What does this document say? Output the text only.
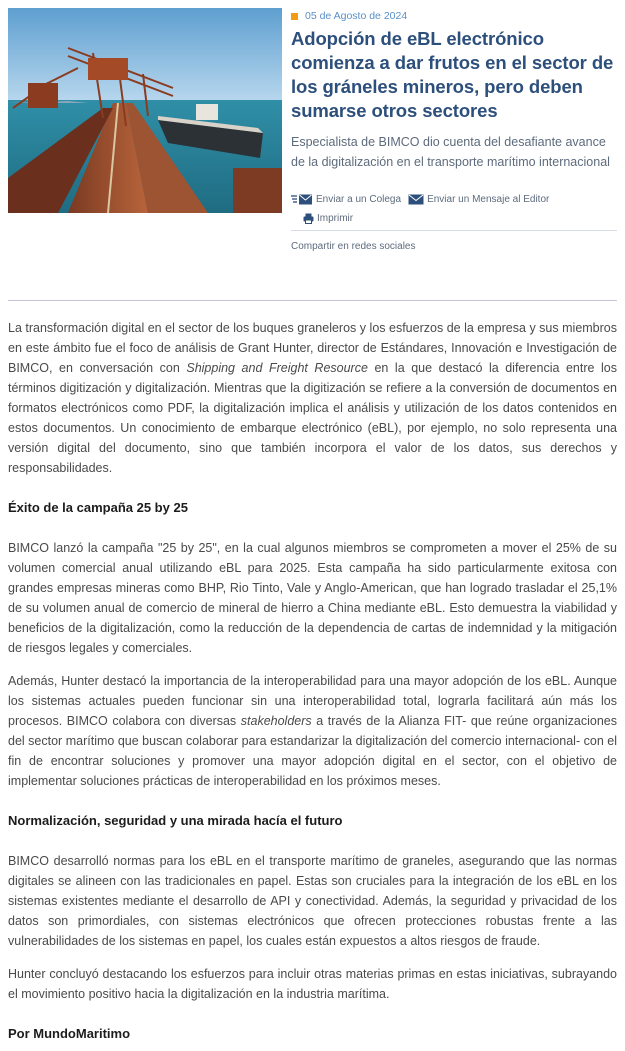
05 de Agosto de 2024
Adopción de eBL electrónico comienza a dar frutos en el sector de los gráneles mineros, pero deben sumarse otros sectores
Especialista de BIMCO dio cuenta del desafiante avance de la digitalización en el transporte marítimo internacional
Enviar a un Colega	Enviar un Mensaje al Editor
Imprimir
Compartir en redes sociales

La transformación digital en el sector de los buques graneleros y los esfuerzos de la empresa y sus miembros en este ámbito fue el foco de análisis de Grant Hunter, director de Estándares, Innovación e Investigación de BIMCO, en conversación con Shipping and Freight Resource en la que destacó la diferencia entre los términos digitización y digitalización. Mientras que la digitización se refiere a la conversión de documentos en formatos electrónicos como PDF, la digitalización implica el análisis y utilización de los datos contenidos en estos documentos. Un conocimiento de embarque electrónico (eBL), por ejemplo, no solo representa una versión digital del documento, sino que también incorpora el valor de los datos, sus derechos y responsabilidades.

Éxito de la campaña 25 by 25

BIMCO lanzó la campaña "25 by 25", en la cual algunos miembros se comprometen a mover el 25% de su volumen comercial anual utilizando eBL para 2025. Esta campaña ha sido particularmente exitosa con grandes empresas mineras como BHP, Rio Tinto, Vale y Anglo-American, que han logrado trasladar el 25,1% de su volumen anual de comercio de mineral de hierro a China mediante eBL. Esto demuestra la viabilidad y beneficios de la digitalización, como la reducción de la dependencia de cartas de indemnidad y la mitigación de riesgos legales y comerciales.

Además, Hunter destacó la importancia de la interoperabilidad para una mayor adopción de los eBL. Aunque los sistemas actuales pueden funcionar sin una interoperabilidad total, lograrla facilitará aún más los procesos. BIMCO colabora con diversas stakeholders a través de la Alianza FIT- que reúne organizaciones del sector marítimo que buscan colaborar para estandarizar la digitalización del comercio internacional- con el fin de encontrar soluciones y promover una mayor adopción digital en el sector, con el objetivo de implementar soluciones prácticas de interoperabilidad en los próximos meses.

Normalización, seguridad y una mirada hacía el futuro

BIMCO desarrolló normas para los eBL en el transporte marítimo de graneles, asegurando que las normas digitales se alineen con las tradicionales en papel. Estas son cruciales para la integración de los eBL en los sistemas existentes mediante el desarrollo de API y conectividad. Además, la seguridad y privacidad de los datos son primordiales, con sistemas electrónicos que ofrecen protecciones robustas frente a las vulnerabilidades de los sistemas en papel, los cuales están expuestos a altos riesgos de fraude.

Hunter concluyó destacando los esfuerzos para incluir otras materias primas en estas iniciativas, subrayando el movimiento positivo hacia la digitalización en la industria marítima.

Por MundoMaritimo
